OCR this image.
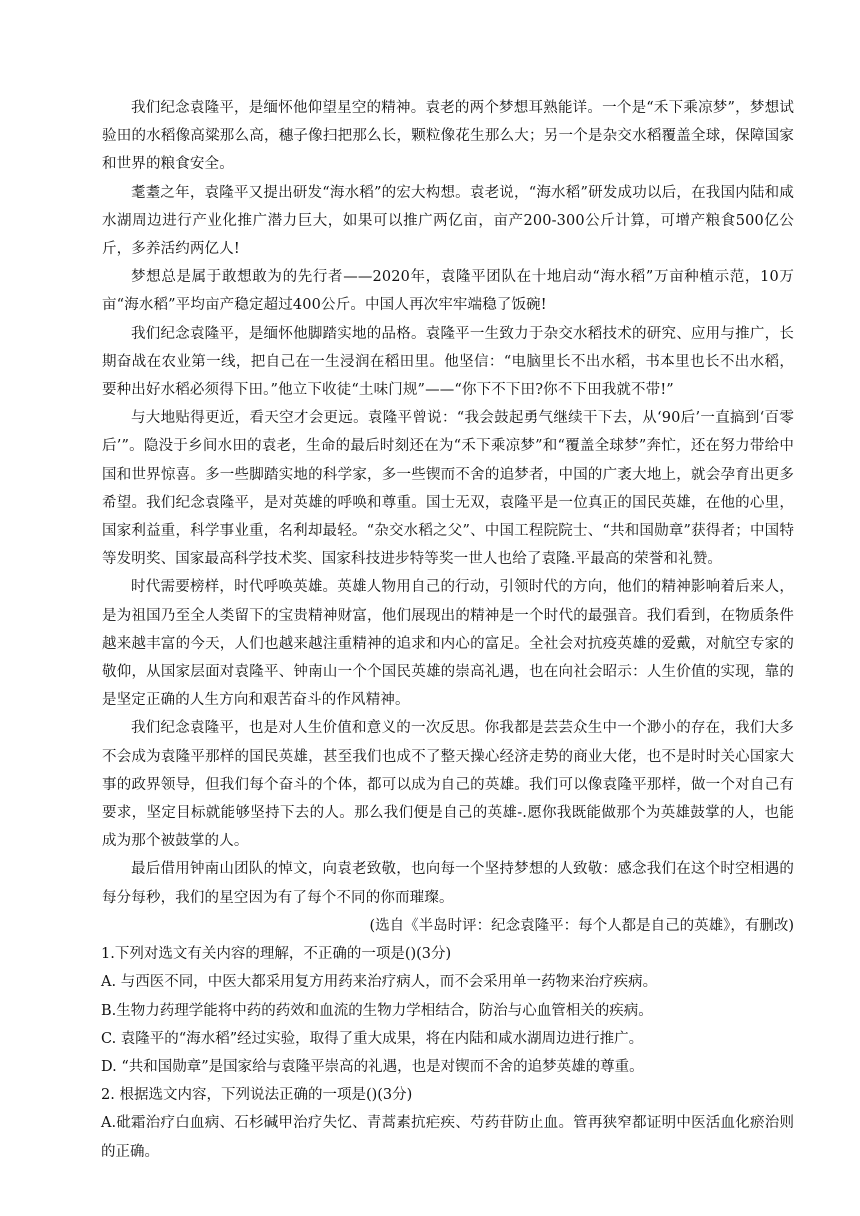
我们纪念袁隆平，是缅怀他仰望星空的精神。袁老的两个梦想耳熟能详。一个是“禾下乘凉梦”，梦想试验田的水稻像高粱那么高，穗子像扫把那么长，颗粒像花生那么大；另一个是杂交水稻覆盖全球，保障国家和世界的粮食安全。

耄耋之年，袁隆平又提出研发“海水稻”的宏大构想。袁老说，“海水稻”研发成功以后，在我国内陆和咸水湖周边进行产业化推广潜力巨大，如果可以推广两亿亩，亩产200-300公斤计算，可增产粮食500亿公斤，多养活约两亿人!

梦想总是属于敢想敢为的先行者——2020年，袁隆平团队在十地启动“海水稻”万亩种植示范，10万亩“海水稻”平均亩产稳定超过400公斤。中国人再次牢牢端稳了饭碗!

我们纪念袁隆平，是缅怀他脚踏实地的品格。袁隆平一生致力于杂交水稻技术的研究、应用与推广，长期奋战在农业第一线，把自己在一生浸润在稻田里。他坚信：“电脑里长不出水稻，书本里也长不出水稻，要种出好水稻必须得下田。”他立下收徒“土味门规”——“你下不下田?你不下田我就不带!”

与大地贴得更近，看天空才会更远。袁隆平曾说：“我会鼓起勇气继续干下去，从‘90后’一直搞到‘百零后’”。隐没于乡间水田的袁老，生命的最后时刻还在为“禾下乘凉梦”和“覆盖全球梦”奔忙，还在努力带给中国和世界惊喜。多一些脚踏实地的科学家，多一些锲而不舍的追梦者，中国的广袤大地上，就会孕育出更多希望。我们纪念袁隆平，是对英雄的呼唤和尊重。国士无双，袁隆平是一位真正的国民英雄，在他的心里，国家利益重，科学事业重，名利却最轻。“杂交水稻之父”、中国工程院院士、“共和国勋章”获得者；中国特等发明奖、国家最高科学技术奖、国家科技进步特等奖一世人也给了袁隆.平最高的荣誉和礼赞。

时代需要榜样，时代呼唤英雄。英雄人物用自己的行动，引领时代的方向，他们的精神影响着后来人，是为祖国乃至全人类留下的宝贵精神财富，他们展现出的精神是一个时代的最强音。我们看到，在物质条件越来越丰富的今天，人们也越来越注重精神的追求和内心的富足。全社会对抗疫英雄的爱戴，对航空专家的敬仰，从国家层面对袁隆平、钟南山一个个国民英雄的崇高礼遇，也在向社会昭示：人生价值的实现，靠的是坚定正确的人生方向和艰苦奋斗的作风精神。

我们纪念袁隆平，也是对人生价值和意义的一次反思。你我都是芸芸众生中一个渺小的存在，我们大多不会成为袁隆平那样的国民英雄，甚至我们也成不了整天操心经济走势的商业大佬，也不是时时关心国家大事的政界领导，但我们每个奋斗的个体，都可以成为自己的英雄。我们可以像袁隆平那样，做一个对自己有要求，坚定目标就能够坚持下去的人。那么我们便是自己的英雄-.愿你我既能做那个为英雄鼓掌的人，也能成为那个被鼓掌的人。

最后借用钟南山团队的悼文，向袁老致敬，也向每一个坚持梦想的人致敬：感念我们在这个时空相遇的每分每秒，我们的星空因为有了每个不同的你而璀璨。

(选自《半岛时评：纪念袁隆平：每个人都是自己的英雄》，有删改)

1.下列对选文有关内容的理解，不正确的一项是()(3分)

A. 与西医不同，中医大都采用复方用药来治疗病人，而不会采用单一药物来治疗疾病。

B.生物力药理学能将中药的药效和血流的生物力学相结合，防治与心血管相关的疾病。

C. 袁隆平的“海水稻”经过实验，取得了重大成果，将在内陆和咸水湖周边进行推广。

D. “共和国勋章”是国家给与袁隆平崇高的礼遇，也是对锲而不舍的追梦英雄的尊重。

2. 根据选文内容，下列说法正确的一项是()(3分)

A.砒霜治疗白血病、石杉碱甲治疗失忆、青蒿素抗疟疾、芍药苷防止血。管再狭窄都证明中医活血化瘀治则的正确。
